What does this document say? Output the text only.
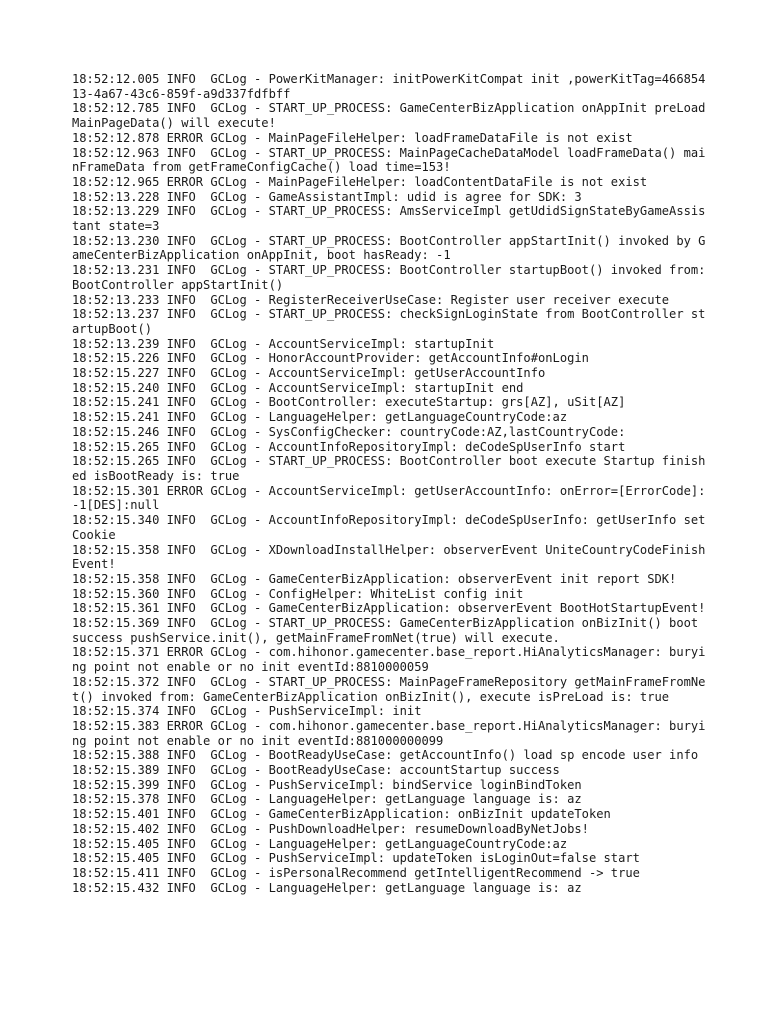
18:52:12.005 INFO  GCLog - PowerKitManager: initPowerKitCompat init ,powerKitTag=46685413-4a67-43c6-859f-a9d337fdfbff
18:52:12.785 INFO  GCLog - START_UP_PROCESS: GameCenterBizApplication onAppInit preLoadMainPageData() will execute!
18:52:12.878 ERROR GCLog - MainPageFileHelper: loadFrameDataFile is not exist
18:52:12.963 INFO  GCLog - START_UP_PROCESS: MainPageCacheDataModel loadFrameData() mainFrameData from getFrameConfigCache() load time=153!
18:52:12.965 ERROR GCLog - MainPageFileHelper: loadContentDataFile is not exist
18:52:13.228 INFO  GCLog - GameAssistantImpl: udid is agree for SDK: 3
18:52:13.229 INFO  GCLog - START_UP_PROCESS: AmsServiceImpl getUdidSignStateByGameAssistant state=3
18:52:13.230 INFO  GCLog - START_UP_PROCESS: BootController appStartInit() invoked by GameCenterBizApplication onAppInit, boot hasReady: -1
18:52:13.231 INFO  GCLog - START_UP_PROCESS: BootController startupBoot() invoked from: BootController appStartInit()
18:52:13.233 INFO  GCLog - RegisterReceiverUseCase: Register user receiver execute
18:52:13.237 INFO  GCLog - START_UP_PROCESS: checkSignLoginState from BootController startupBoot()
18:52:13.239 INFO  GCLog - AccountServiceImpl: startupInit
18:52:15.226 INFO  GCLog - HonorAccountProvider: getAccountInfo#onLogin
18:52:15.227 INFO  GCLog - AccountServiceImpl: getUserAccountInfo
18:52:15.240 INFO  GCLog - AccountServiceImpl: startupInit end
18:52:15.241 INFO  GCLog - BootController: executeStartup: grs[AZ], uSit[AZ]
18:52:15.241 INFO  GCLog - LanguageHelper: getLanguageCountryCode:az
18:52:15.246 INFO  GCLog - SysConfigChecker: countryCode:AZ,lastCountryCode:
18:52:15.265 INFO  GCLog - AccountInfoRepositoryImpl: deCodeSpUserInfo start
18:52:15.265 INFO  GCLog - START_UP_PROCESS: BootController boot execute Startup finished isBootReady is: true
18:52:15.301 ERROR GCLog - AccountServiceImpl: getUserAccountInfo: onError=[ErrorCode]:-1[DES]:null
18:52:15.340 INFO  GCLog - AccountInfoRepositoryImpl: deCodeSpUserInfo: getUserInfo setCookie
18:52:15.358 INFO  GCLog - XDownloadInstallHelper: observerEvent UniteCountryCodeFinishEvent!
18:52:15.358 INFO  GCLog - GameCenterBizApplication: observerEvent init report SDK!
18:52:15.360 INFO  GCLog - ConfigHelper: WhiteList config init
18:52:15.361 INFO  GCLog - GameCenterBizApplication: observerEvent BootHotStartupEvent!
18:52:15.369 INFO  GCLog - START_UP_PROCESS: GameCenterBizApplication onBizInit() boot success pushService.init(), getMainFrameFromNet(true) will execute.
18:52:15.371 ERROR GCLog - com.hihonor.gamecenter.base_report.HiAnalyticsManager: burying point not enable or no init eventId:8810000059
18:52:15.372 INFO  GCLog - START_UP_PROCESS: MainPageFrameRepository getMainFrameFromNet() invoked from: GameCenterBizApplication onBizInit(), execute isPreLoad is: true
18:52:15.374 INFO  GCLog - PushServiceImpl: init
18:52:15.383 ERROR GCLog - com.hihonor.gamecenter.base_report.HiAnalyticsManager: burying point not enable or no init eventId:881000000099
18:52:15.388 INFO  GCLog - BootReadyUseCase: getAccountInfo() load sp encode user info
18:52:15.389 INFO  GCLog - BootReadyUseCase: accountStartup success
18:52:15.399 INFO  GCLog - PushServiceImpl: bindService loginBindToken
18:52:15.378 INFO  GCLog - LanguageHelper: getLanguage language is: az
18:52:15.401 INFO  GCLog - GameCenterBizApplication: onBizInit updateToken
18:52:15.402 INFO  GCLog - PushDownloadHelper: resumeDownloadByNetJobs!
18:52:15.405 INFO  GCLog - LanguageHelper: getLanguageCountryCode:az
18:52:15.405 INFO  GCLog - PushServiceImpl: updateToken isLoginOut=false start
18:52:15.411 INFO  GCLog - isPersonalRecommend getIntelligentRecommend -> true
18:52:15.432 INFO  GCLog - LanguageHelper: getLanguage language is: az
